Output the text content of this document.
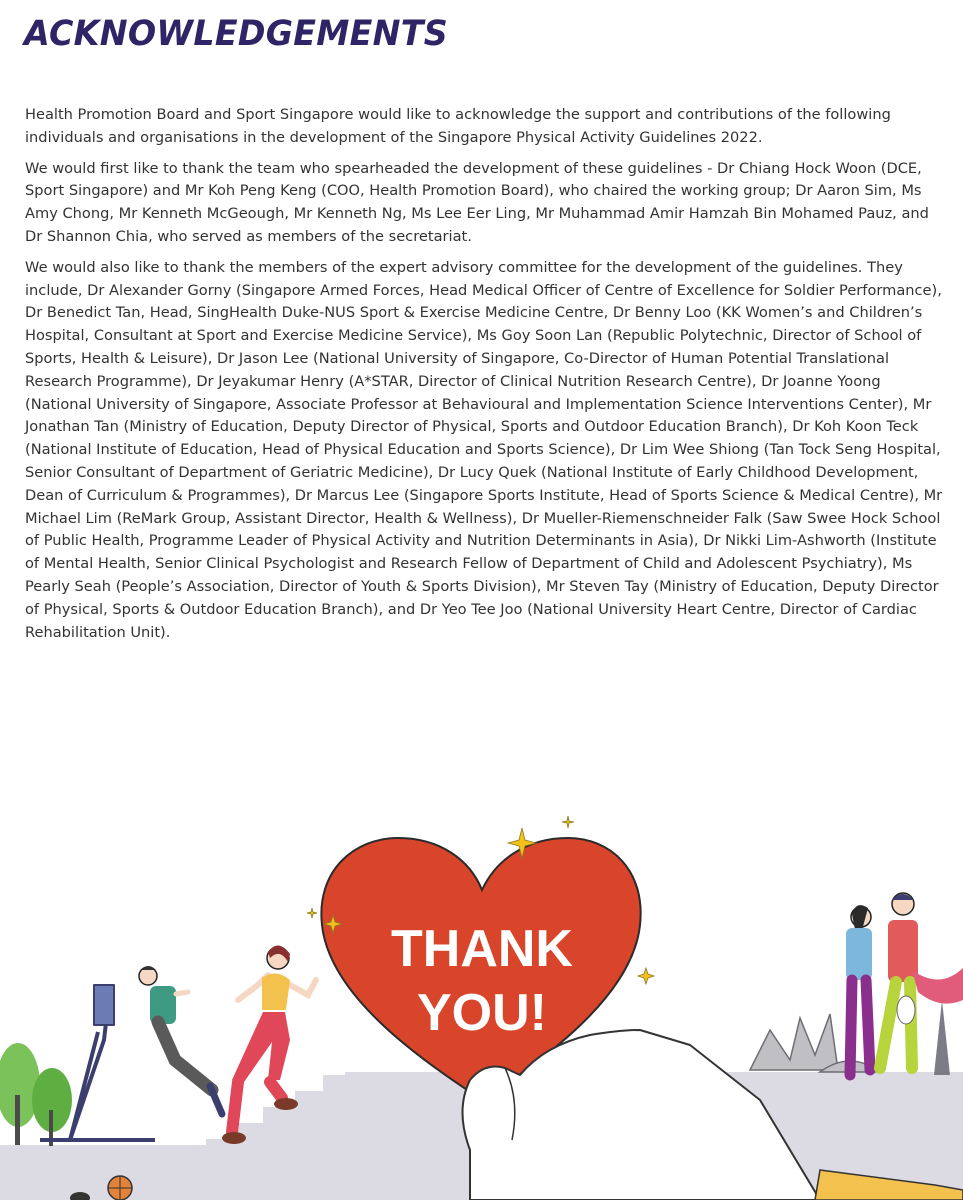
ACKNOWLEDGEMENTS

Health Promotion Board and Sport Singapore would like to acknowledge the support and contributions of the following individuals and organisations in the development of the Singapore Physical Activity Guidelines 2022.

We would first like to thank the team who spearheaded the development of these guidelines - Dr Chiang Hock Woon (DCE, Sport Singapore) and Mr Koh Peng Keng (COO, Health Promotion Board), who chaired the working group; Dr Aaron Sim, Ms Amy Chong, Mr Kenneth McGeough, Mr Kenneth Ng, Ms Lee Eer Ling, Mr Muhammad Amir Hamzah Bin Mohamed Pauz, and Dr Shannon Chia, who served as members of the secretariat.

We would also like to thank the members of the expert advisory committee for the development of the guidelines. They include, Dr Alexander Gorny (Singapore Armed Forces, Head Medical Officer of Centre of Excellence for Soldier Performance), Dr Benedict Tan, Head, SingHealth Duke-NUS Sport & Exercise Medicine Centre, Dr Benny Loo (KK Women’s and Children’s Hospital, Consultant at Sport and Exercise Medicine Service), Ms Goy Soon Lan (Republic Polytechnic, Director of School of Sports, Health & Leisure), Dr Jason Lee (National University of Singapore, Co-Director of Human Potential Translational Research Programme), Dr Jeyakumar Henry (A*STAR, Director of Clinical Nutrition Research Centre), Dr Joanne Yoong (National University of Singapore, Associate Professor at Behavioural and Implementation Science Interventions Center), Mr Jonathan Tan (Ministry of Education, Deputy Director of Physical, Sports and Outdoor Education Branch), Dr Koh Koon Teck (National Institute of Education, Head of Physical Education and Sports Science), Dr Lim Wee Shiong (Tan Tock Seng Hospital, Senior Consultant of Department of Geriatric Medicine), Dr Lucy Quek (National Institute of Early Childhood Development, Dean of Curriculum & Programmes), Dr Marcus Lee (Singapore Sports Institute, Head of Sports Science & Medical Centre), Mr Michael Lim (ReMark Group, Assistant Director, Health & Wellness), Dr Mueller-Riemenschneider Falk (Saw Swee Hock School of Public Health, Programme Leader of Physical Activity and Nutrition Determinants in Asia), Dr Nikki Lim-Ashworth (Institute of Mental Health, Senior Clinical Psychologist and Research Fellow of Department of Child and Adolescent Psychiatry), Ms Pearly Seah (People’s Association, Director of Youth & Sports Division), Mr Steven Tay (Ministry of Education, Deputy Director of Physical, Sports & Outdoor Education Branch), and Dr Yeo Tee Joo (National University Heart Centre, Director of Cardiac Rehabilitation Unit).

THANK
YOU!
